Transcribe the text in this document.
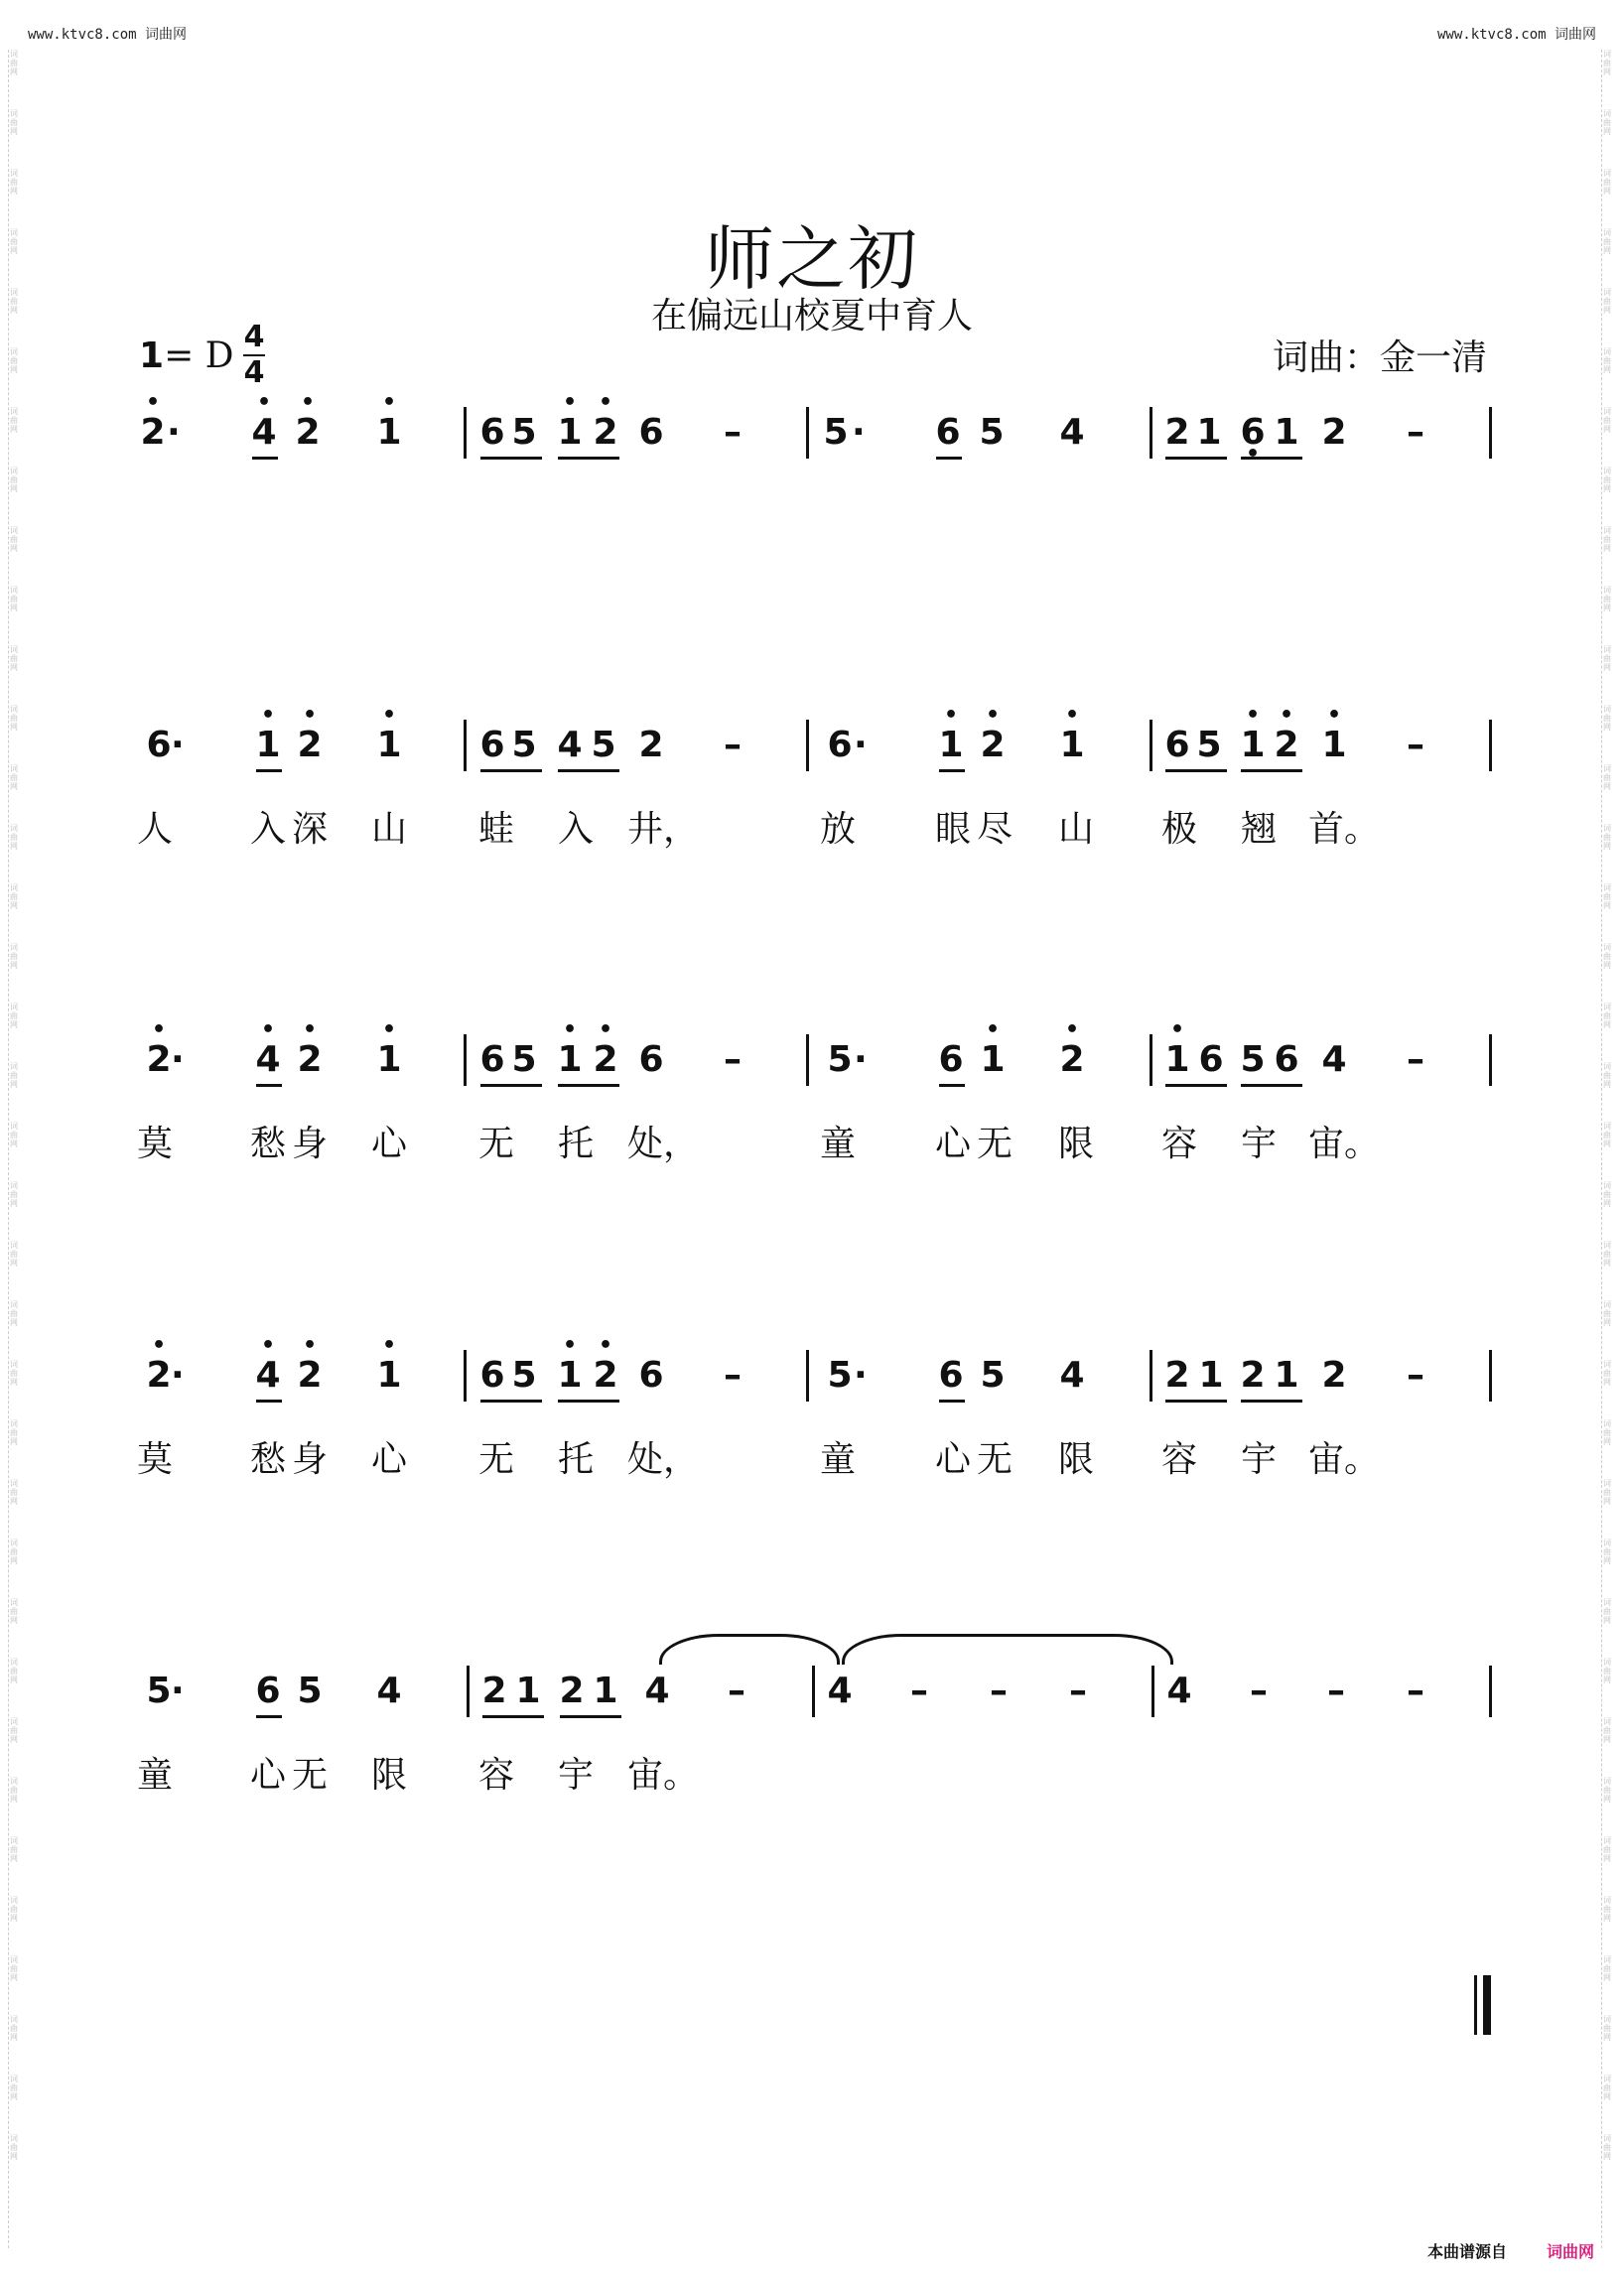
www.ktvc8.com 词曲网	www.ktvc8.com 词曲网
词曲网
词曲网
词曲网
词曲网
词曲网
词曲网
词曲网
词曲网
词曲网
词曲网
词曲网
词曲网
词曲网
词曲网
词曲网
词曲网
词曲网
词曲网
词曲网
词曲网
词曲网
词曲网
词曲网
词曲网
词曲网
词曲网
词曲网
词曲网
词曲网
词曲网
词曲网
词曲网
词曲网
词曲网
词曲网
词曲网
词曲网
词曲网
词曲网
词曲网
词曲网
词曲网
词曲网
词曲网
词曲网
词曲网
词曲网
词曲网
词曲网
词曲网
词曲网
词曲网
词曲网
词曲网
词曲网
词曲网
词曲网
词曲网
词曲网
词曲网
词曲网
词曲网
词曲网
词曲网
词曲网
词曲网
词曲网
词曲网
词曲网
词曲网
词曲网
词曲网
师之初
在偏远山校夏中育人
1= D 4
4	词曲：金一清
• 2 · • 4 • 2 • 1 6 5 • 1 • 2 6	–	5 · 6 5 4 2 1 6 • 1 2	–
6 · • 1 • 2 • 1 6 5 4 5 2	–	6 · • 1 • 2 • 1 6 5 • 1 • 2 • 1	–
人	入 深	山	蛙	入 井，	放	眼 尽	山	极	翘 首。
• 2 · • 4 • 2 • 1 6 5 • 1 • 2 6	–	5 · 6 • 1 • 2 • 1 6 5 6 4	–
莫	愁 身	心	无	托 处，	童	心 无	限	容	宇 宙。
• 2 · • 4 • 2 • 1 6 5 • 1 • 2 6	–	5 · 6 5 4 2 1 2 1 2	–
莫	愁 身	心	无	托 处，	童	心 无	限	容	宇 宙。
5 · 6 5 4 2 1 2 1 4	–	4	–	–	–	4	–	–	–
童	心 无	限	容	宇 宙。
本曲谱源自	词曲网
